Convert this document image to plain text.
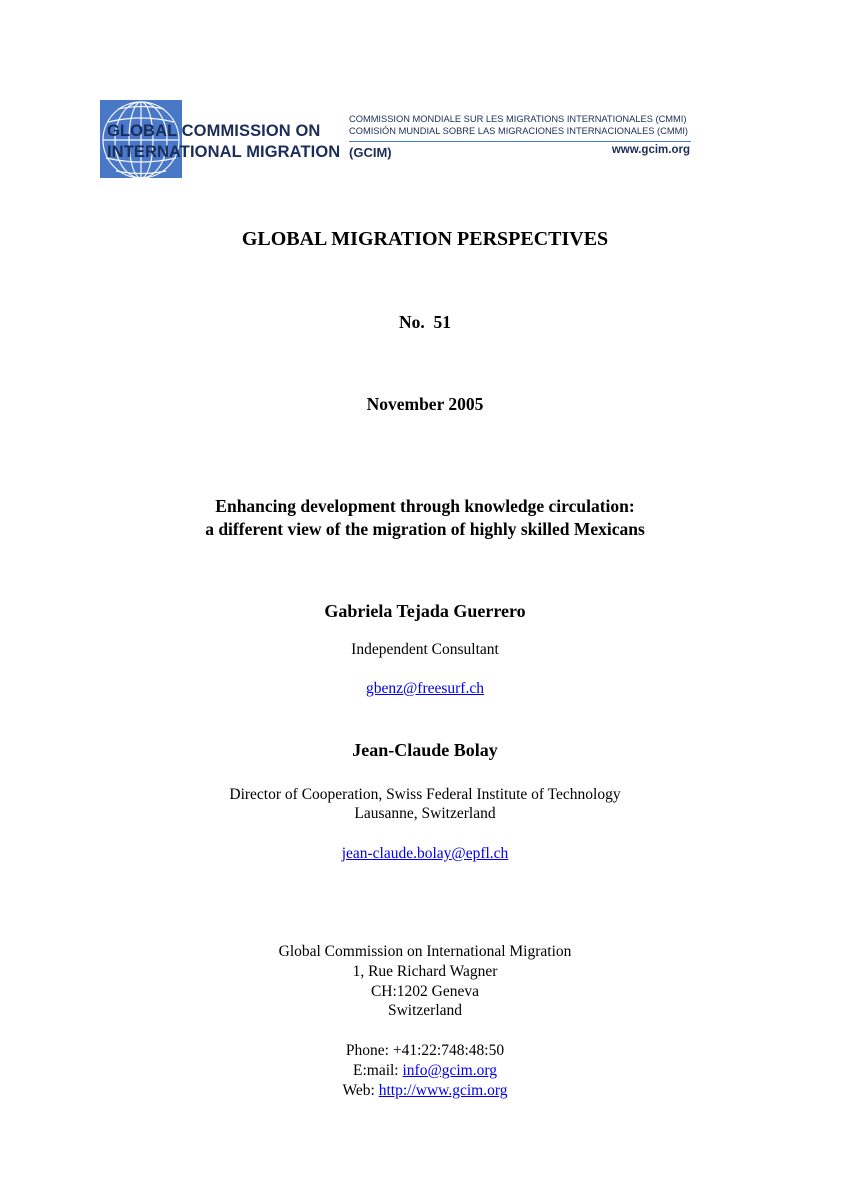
GLOBAL COMMISSION ON
INTERNATIONAL MIGRATION
COMMISSION MONDIALE SUR LES MIGRATIONS INTERNATIONALES (CMMI)
COMISIÓN MUNDIAL SOBRE LAS MIGRACIONES INTERNACIONALES (CMMI)
(GCIM)	www.gcim.org
GLOBAL MIGRATION PERSPECTIVES
No.  51
November 2005
Enhancing development through knowledge circulation:
a different view of the migration of highly skilled Mexicans
Gabriela Tejada Guerrero
Independent Consultant
gbenz@freesurf.ch
Jean-Claude Bolay
Director of Cooperation, Swiss Federal Institute of Technology
Lausanne, Switzerland
jean-claude.bolay@epfl.ch
Global Commission on International Migration
1, Rue Richard Wagner
CH:1202 Geneva
Switzerland
Phone: +41:22:748:48:50
E:mail: info@gcim.org
Web: http://www.gcim.org
